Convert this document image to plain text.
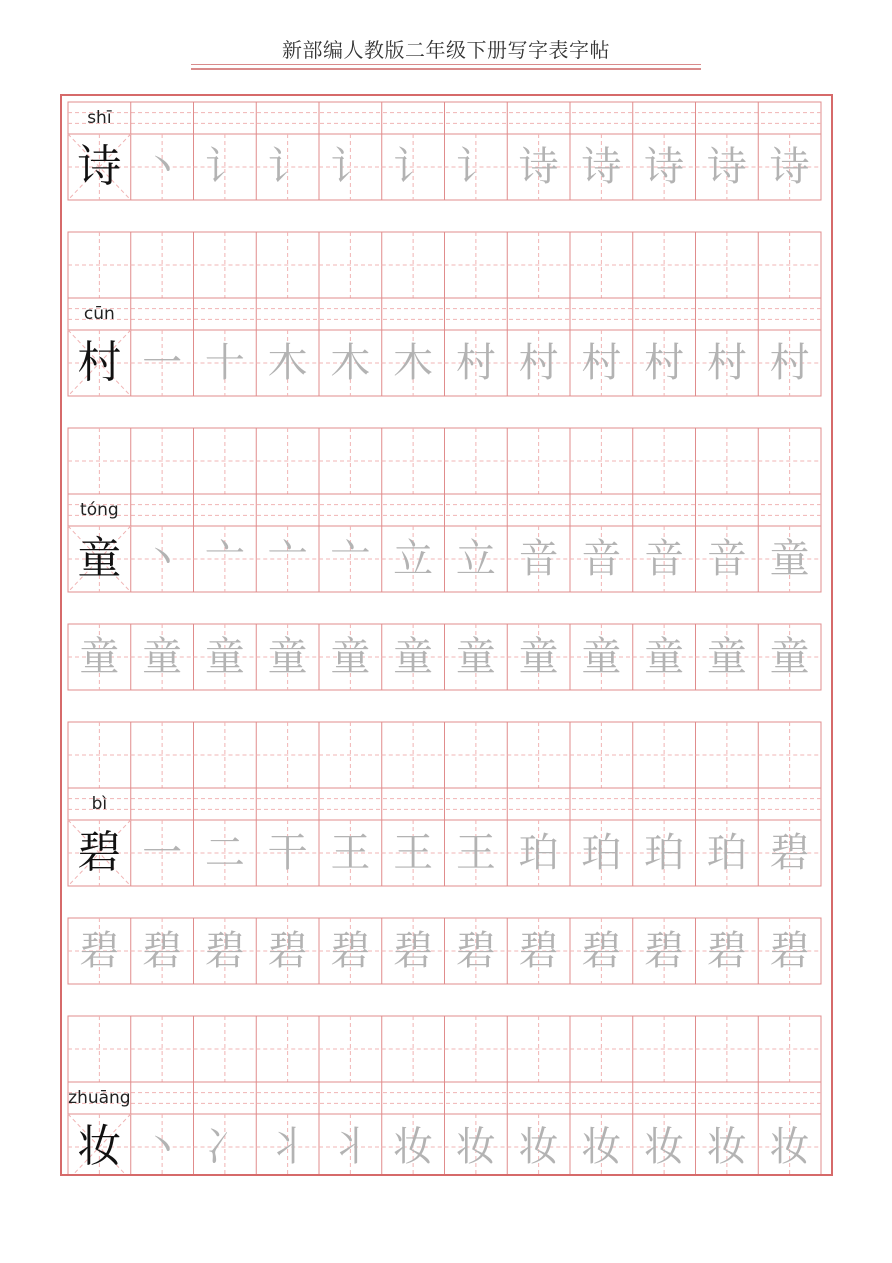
新部编人教版二年级下册写字表字帖
shī
诗 丶 讠 讠 讠 讠 讠 诗 诗 诗 诗 诗
cūn
村 一 十 木 木 木 村 村 村 村 村 村
tóng
童 丶 亠 亠 亠 立 立 音 音 音 音 童
童 童 童 童 童 童 童 童 童 童 童 童
bì
碧 一 二 干 王 王 王 珀 珀 珀 珀 碧
碧 碧 碧 碧 碧 碧 碧 碧 碧 碧 碧 碧
zhuāng
妆 丶 冫 丬 丬 妆 妆 妆 妆 妆 妆 妆
